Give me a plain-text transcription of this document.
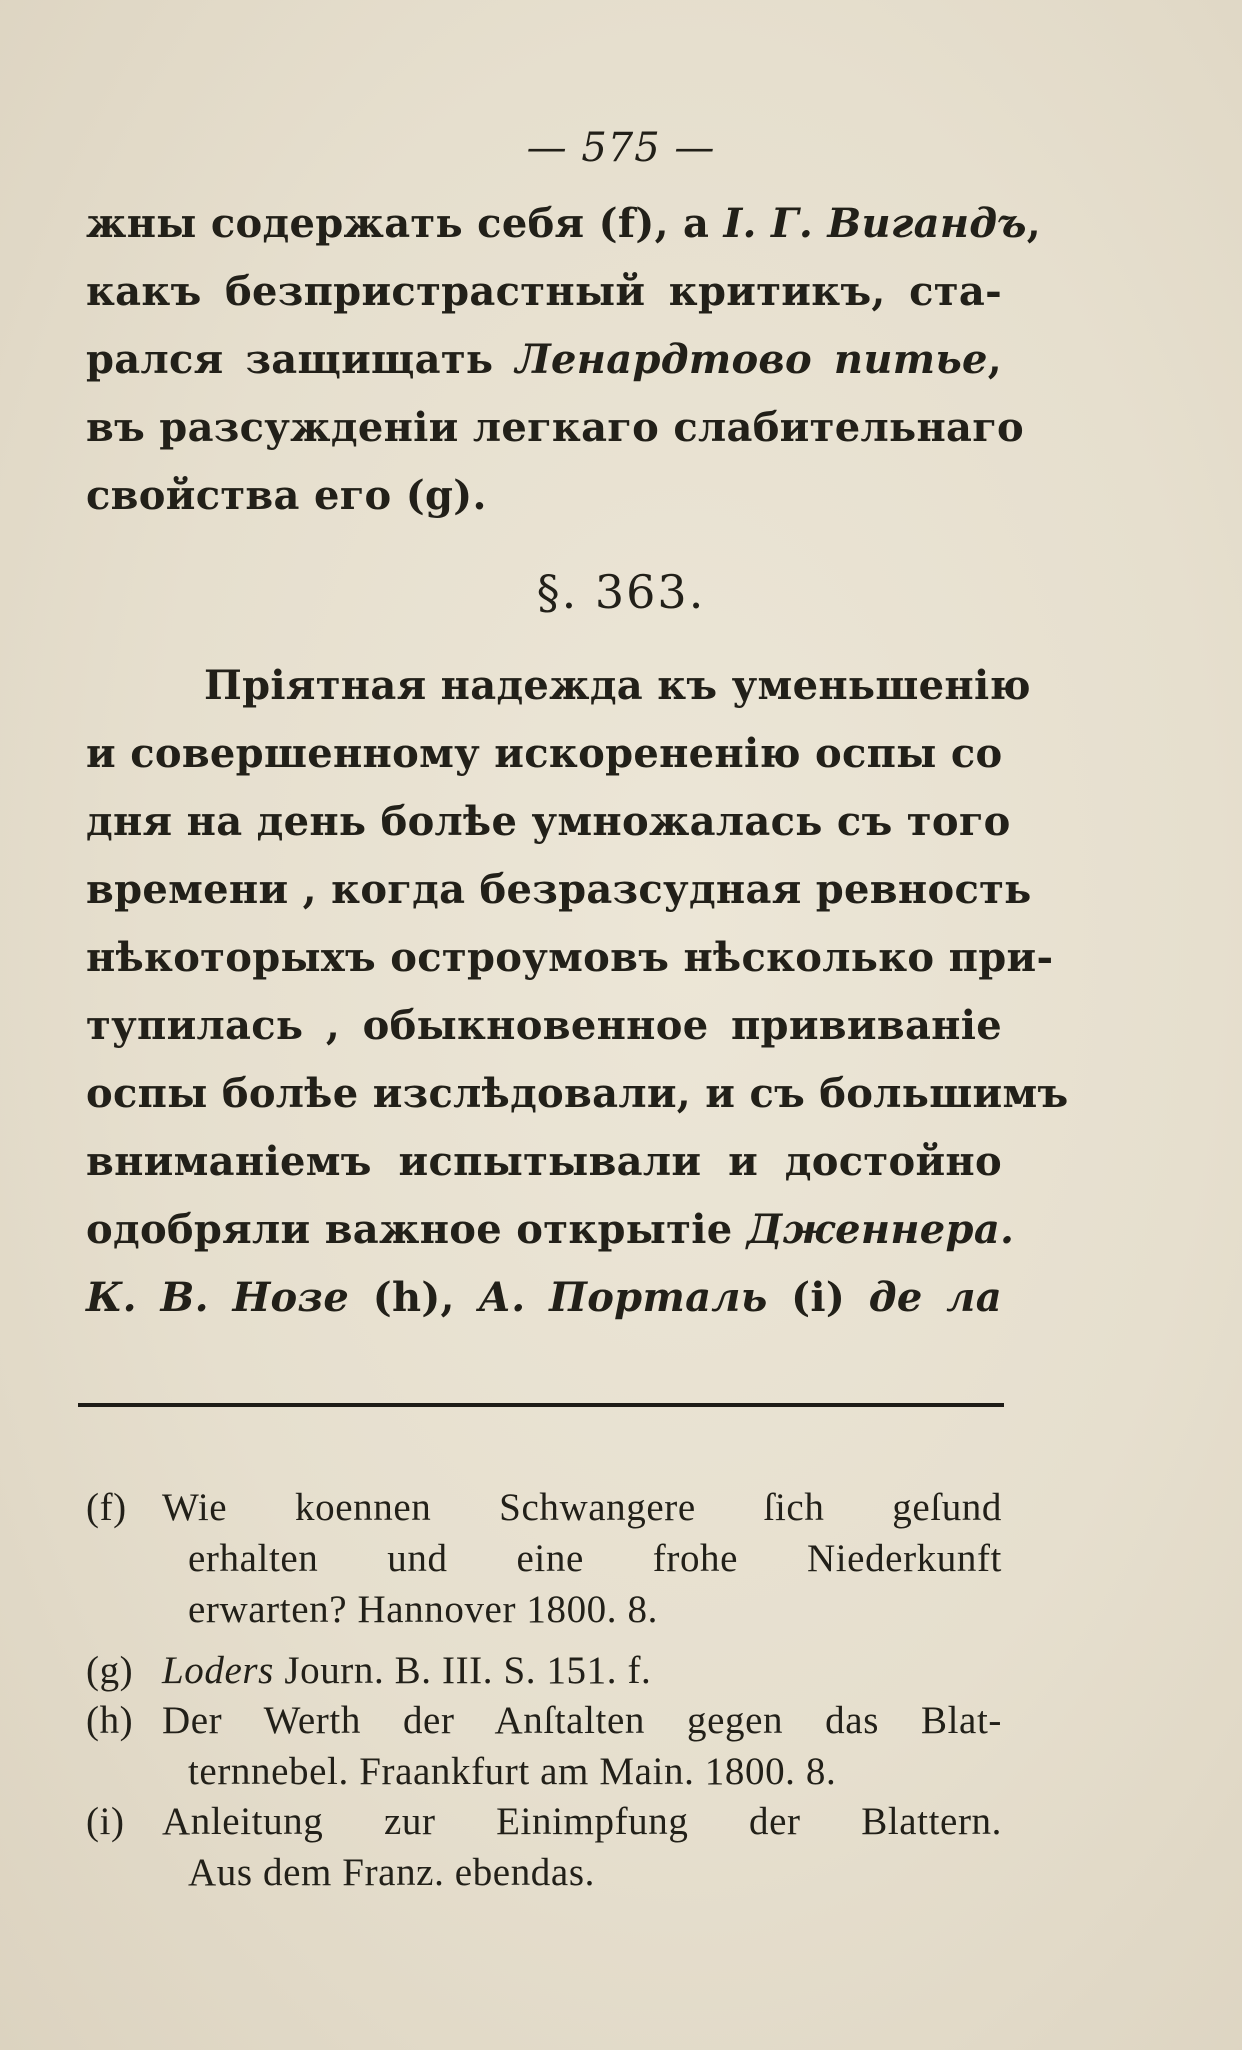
— 575 —
жны содержать себя (f), а I. Г. Вигандъ,
какъ безпристрастный критикъ, ста-
рался защищать Ленардтово питье,
въ разсужденiи легкаго слабительнаго
свойства его (g).
§. 363.
Прiятная надежда къ уменьшенiю
и совершенному искорененiю оспы со
дня на день болѣе умножалась съ того
времени , когда безразсудная ревность
нѣкоторыхъ остроумовъ нѣсколько при-
тупилась , обыкновенное прививанiе
оспы болѣе изслѣдовали, и съ большимъ
вниманiемъ испытывали и достойно
одобряли важное открытiе Дженнера.
К. В. Нозе (h), А. Порталь (i) де ла
(f) Wie koennen Schwangere ſich geſund
erhalten und eine frohe Niederkunft
erwarten? Hannover 1800. 8.
(g) Loders Journ. B. III. S. 151. f.
(h) Der Werth der Anſtalten gegen das Blat-
ternnebel. Fraankfurt am Main. 1800. 8.
(i) Anleitung zur Einimpfung der Blattern.
Aus dem Franz. ebendas.
